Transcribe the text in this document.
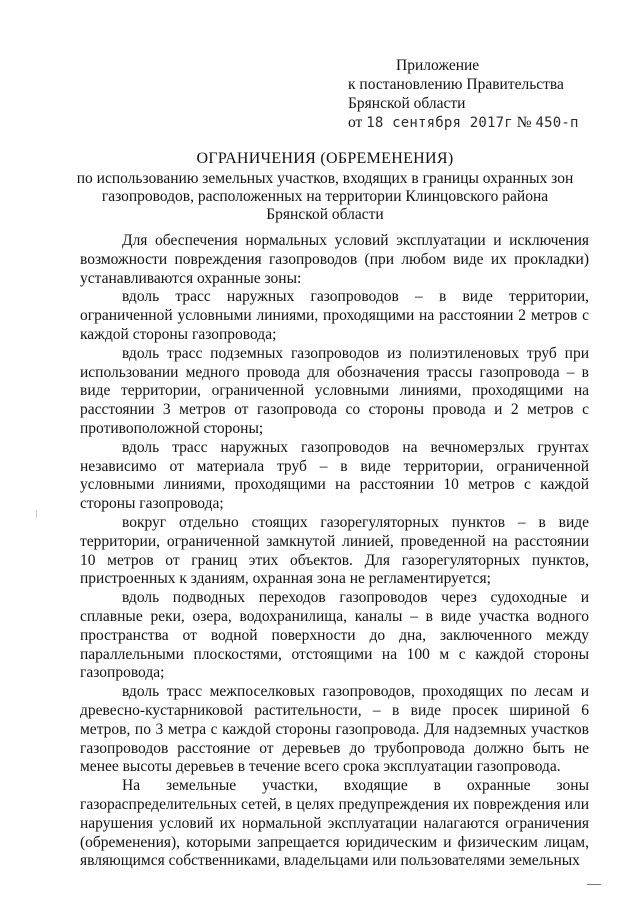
Приложение
к постановлению Правительства
Брянской области
от 18 сентября 2017г № 450-п
ОГРАНИЧЕНИЯ (ОБРЕМЕНЕНИЯ)
по использованию земельных участков, входящих в границы охранных зон
газопроводов, расположенных на территории Клинцовского района
Брянской области

Для обеспечения нормальных условий эксплуатации и исключения возможности повреждения газопроводов (при любом виде их прокладки) устанавливаются охранные зоны:

вдоль трасс наружных газопроводов – в виде территории, ограниченной условными линиями, проходящими на расстоянии 2 метров с каждой стороны газопровода;

вдоль трасс подземных газопроводов из полиэтиленовых труб при использовании медного провода для обозначения трассы газопровода – в виде территории, ограниченной условными линиями, проходящими на расстоянии 3 метров от газопровода со стороны провода и 2 метров с противоположной стороны;

вдоль трасс наружных газопроводов на вечномерзлых грунтах независимо от материала труб – в виде территории, ограниченной условными линиями, проходящими на расстоянии 10 метров с каждой стороны газопровода;

вокруг отдельно стоящих газорегуляторных пунктов – в виде территории, ограниченной замкнутой линией, проведенной на расстоянии 10 метров от границ этих объектов. Для газорегуляторных пунктов, пристроенных к зданиям, охранная зона не регламентируется;

вдоль подводных переходов газопроводов через судоходные и сплавные реки, озера, водохранилища, каналы – в виде участка водного пространства от водной поверхности до дна, заключенного между параллельными плоскостями, отстоящими на 100 м с каждой стороны газопровода;

вдоль трасс межпоселковых газопроводов, проходящих по лесам и древесно-кустарниковой растительности, – в виде просек шириной 6 метров, по 3 метра с каждой стороны газопровода. Для надземных участков газопроводов расстояние от деревьев до трубопровода должно быть не менее высоты деревьев в течение всего срока эксплуатации газопровода.

На земельные участки, входящие в охранные зоны газораспределительных сетей, в целях предупреждения их повреждения или нарушения условий их нормальной эксплуатации налагаются ограничения (обременения), которыми запрещается юридическим и физическим лицам, являющимся собственниками, владельцами или пользователями земельных
